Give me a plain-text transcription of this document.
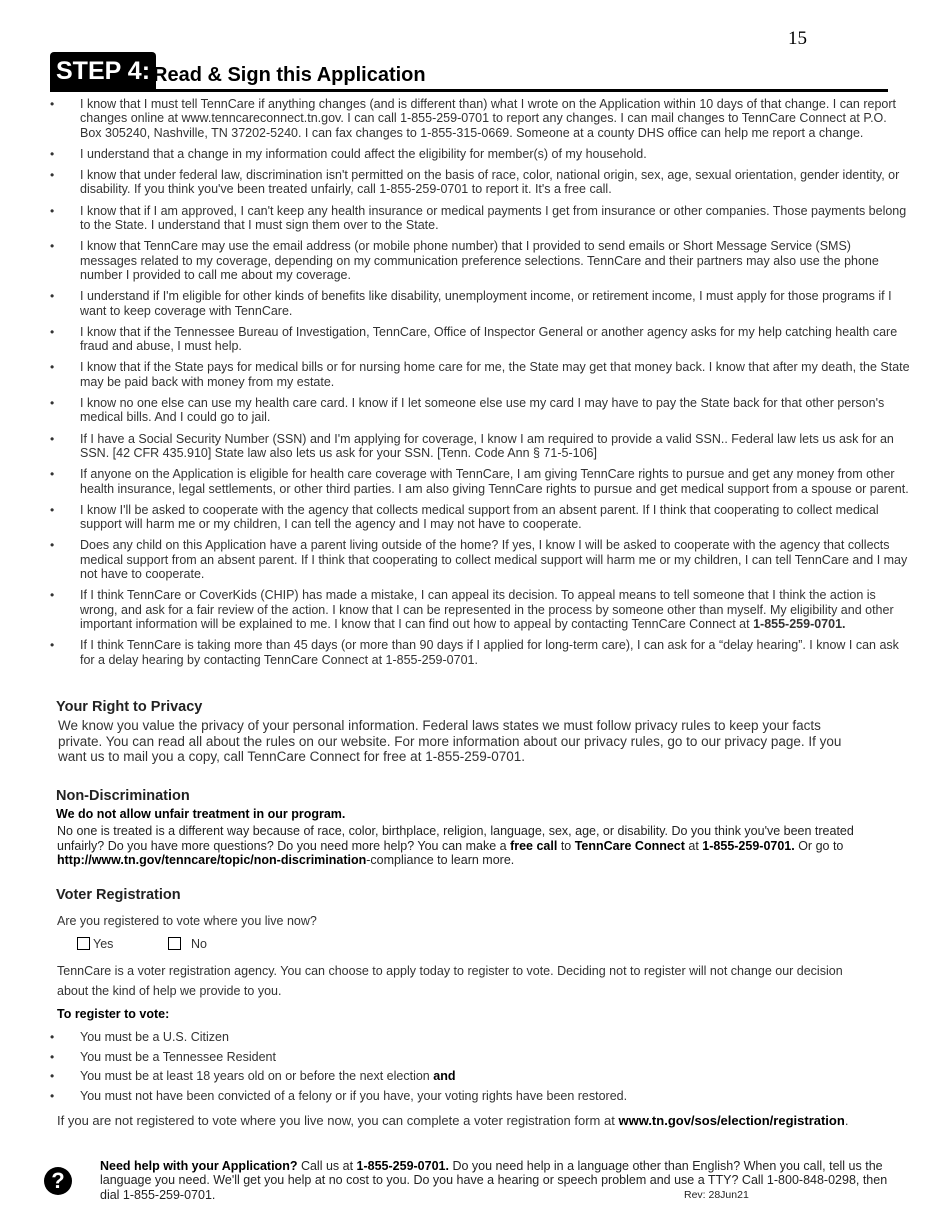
15
STEP 4: Read & Sign this Application
• I know that I must tell TennCare if anything changes (and is different than) what I wrote on the Application within 10 days of that change. I can report changes online at www.tenncareconnect.tn.gov. I can call 1-855-259-0701 to report any changes. I can mail changes to TennCare Connect at P.O. Box 305240, Nashville, TN 37202-5240. I can fax changes to 1-855-315-0669. Someone at a county DHS office can help me report a change.
• I understand that a change in my information could affect the eligibility for member(s) of my household.
• I know that under federal law, discrimination isn't permitted on the basis of race, color, national origin, sex, age, sexual orientation, gender identity, or disability. If you think you've been treated unfairly, call 1-855-259-0701 to report it. It's a free call.
• I know that if I am approved, I can't keep any health insurance or medical payments I get from insurance or other companies. Those payments belong to the State. I understand that I must sign them over to the State.
• I know that TennCare may use the email address (or mobile phone number) that I provided to send emails or Short Message Service (SMS) messages related to my coverage, depending on my communication preference selections. TennCare and their partners may also use the phone number I provided to call me about my coverage.
• I understand if I'm eligible for other kinds of benefits like disability, unemployment income, or retirement income, I must apply for those programs if I want to keep coverage with TennCare.
• I know that if the Tennessee Bureau of Investigation, TennCare, Office of Inspector General or another agency asks for my help catching health care fraud and abuse, I must help.
• I know that if the State pays for medical bills or for nursing home care for me, the State may get that money back. I know that after my death, the State may be paid back with money from my estate.
• I know no one else can use my health care card. I know if I let someone else use my card I may have to pay the State back for that other person's medical bills. And I could go to jail.
• If I have a Social Security Number (SSN) and I'm applying for coverage, I know I am required to provide a valid SSN.. Federal law lets us ask for an SSN. [42 CFR 435.910] State law also lets us ask for your SSN. [Tenn. Code Ann § 71-5-106]
• If anyone on the Application is eligible for health care coverage with TennCare, I am giving TennCare rights to pursue and get any money from other health insurance, legal settlements, or other third parties. I am also giving TennCare rights to pursue and get medical support from a spouse or parent.
• I know I'll be asked to cooperate with the agency that collects medical support from an absent parent. If I think that cooperating to collect medical support will harm me or my children, I can tell the agency and I may not have to cooperate.
• Does any child on this Application have a parent living outside of the home? If yes, I know I will be asked to cooperate with the agency that collects medical support from an absent parent. If I think that cooperating to collect medical support will harm me or my children, I can tell TennCare and I may not have to cooperate.
• If I think TennCare or CoverKids (CHIP) has made a mistake, I can appeal its decision. To appeal means to tell someone that I think the action is wrong, and ask for a fair review of the action. I know that I can be represented in the process by someone other than myself. My eligibility and other important information will be explained to me. I know that I can find out how to appeal by contacting TennCare Connect at 1-855-259-0701.
• If I think TennCare is taking more than 45 days (or more than 90 days if I applied for long-term care), I can ask for a “delay hearing”. I know I can ask for a delay hearing by contacting TennCare Connect at 1-855-259-0701.
Your Right to Privacy

We know you value the privacy of your personal information. Federal laws states we must follow privacy rules to keep your facts private. You can read all about the rules on our website. For more information about our privacy rules, go to our privacy page. If you want us to mail you a copy, call TennCare Connect for free at 1-855-259-0701.

Non-Discrimination
We do not allow unfair treatment in our program.

No one is treated is a different way because of race, color, birthplace, religion, language, sex, age, or disability. Do you think you've been treated unfairly? Do you have more questions? Do you need more help? You can make a free call to TennCare Connect at 1-855-259-0701. Or go to http://www.tn.gov/tenncare/topic/non-discrimination-compliance to learn more.

Voter Registration
Are you registered to vote where you live now?
Yes	No

TennCare is a voter registration agency. You can choose to apply today to register to vote. Deciding not to register will not change our decision about the kind of help we provide to you.

To register to vote:
• You must be a U.S. Citizen
• You must be a Tennessee Resident
• You must be at least 18 years old on or before the next election and
• You must not have been convicted of a felony or if you have, your voting rights have been restored.
If you are not registered to vote where you live now, you can complete a voter registration form at www.tn.gov/sos/election/registration.
?

Need help with your Application? Call us at 1-855-259-0701. Do you need help in a language other than English? When you call, tell us the language you need. We'll get you help at no cost to you. Do you have a hearing or speech problem and use a TTY? Call 1-800-848-0298, then dial 1-855-259-0701.	Rev: 28Jun21
